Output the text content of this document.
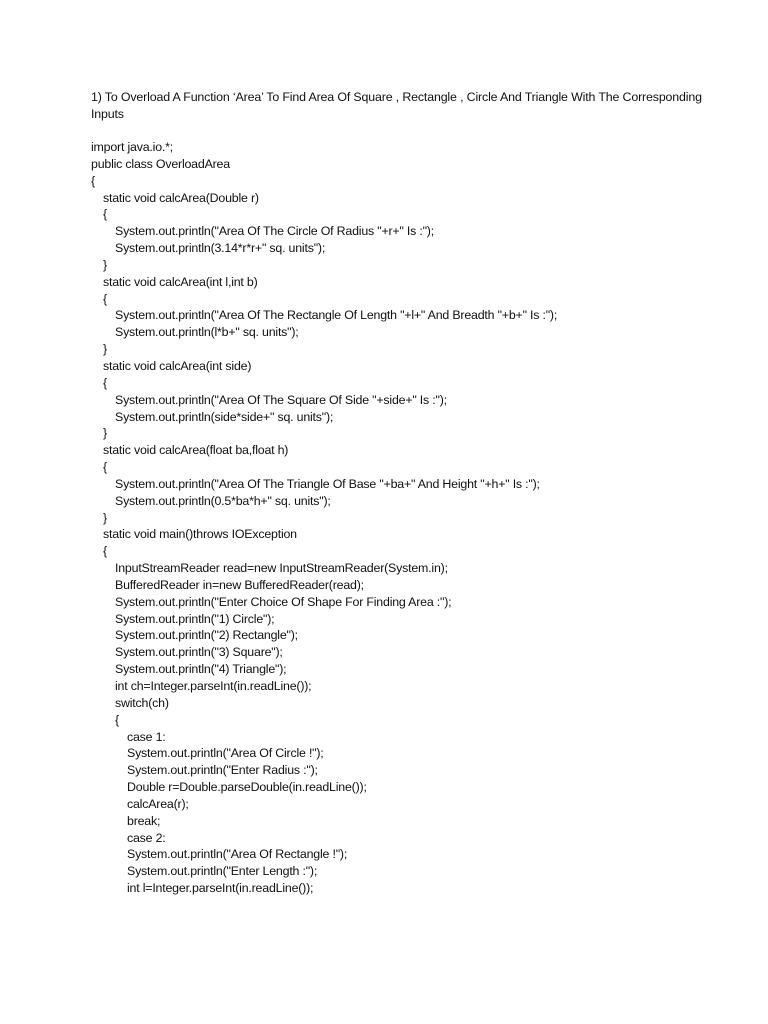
1) To Overload A Function ‘Area’ To Find Area Of Square , Rectangle , Circle And Triangle With The Corresponding Inputs
import java.io.*;
public class OverloadArea
{
static void calcArea(Double r)
{
System.out.println("Area Of The Circle Of Radius "+r+" Is :");
System.out.println(3.14*r*r+" sq. units");
}
static void calcArea(int l,int b)
{
System.out.println("Area Of The Rectangle Of Length "+l+" And Breadth "+b+" Is :");
System.out.println(l*b+" sq. units");
}
static void calcArea(int side)
{
System.out.println("Area Of The Square Of Side "+side+" Is :");
System.out.println(side*side+" sq. units");
}
static void calcArea(float ba,float h)
{
System.out.println("Area Of The Triangle Of Base "+ba+" And Height "+h+" Is :");
System.out.println(0.5*ba*h+" sq. units");
}
static void main()throws IOException
{
InputStreamReader read=new InputStreamReader(System.in);
BufferedReader in=new BufferedReader(read);
System.out.println("Enter Choice Of Shape For Finding Area :");
System.out.println("1) Circle");
System.out.println("2) Rectangle");
System.out.println("3) Square");
System.out.println("4) Triangle");
int ch=Integer.parseInt(in.readLine());
switch(ch)
{
case 1:
System.out.println("Area Of Circle !");
System.out.println("Enter Radius :");
Double r=Double.parseDouble(in.readLine());
calcArea(r);
break;
case 2:
System.out.println("Area Of Rectangle !");
System.out.println("Enter Length :");
int l=Integer.parseInt(in.readLine());
